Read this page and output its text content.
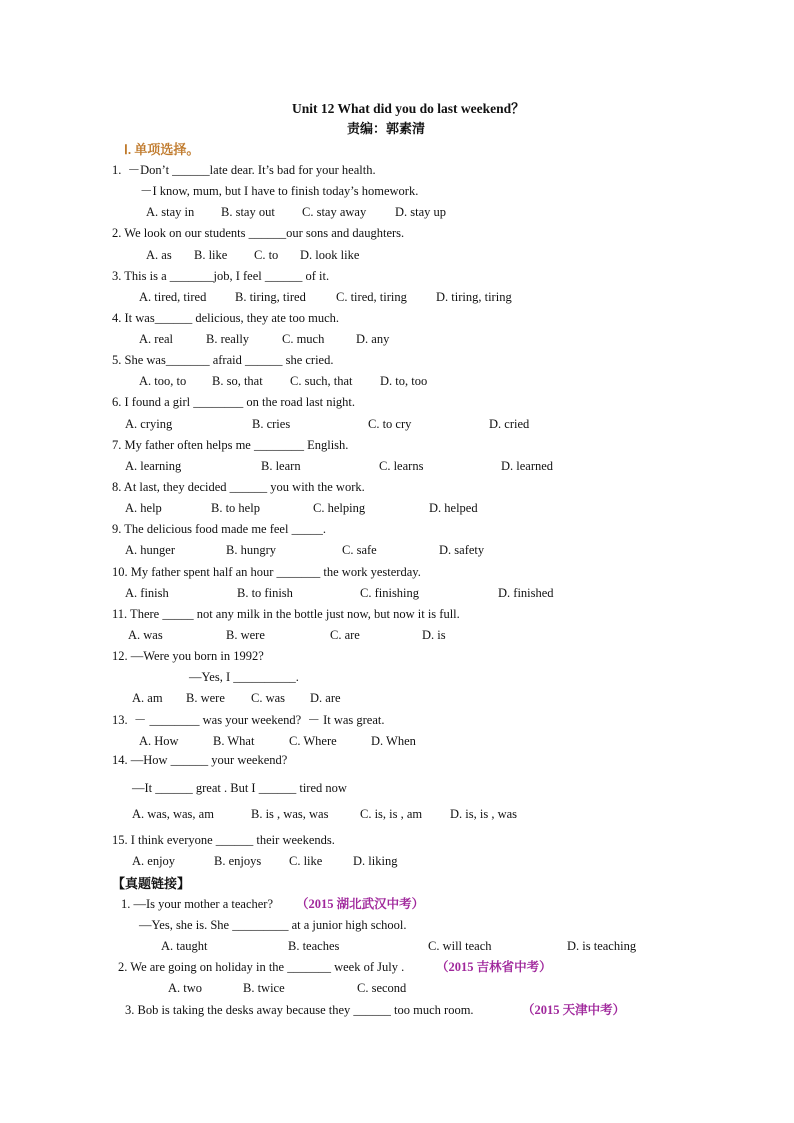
Unit 12 What did you do last weekend？
责编：郭素清
Ⅰ. 单项选择。
1.  －Don’t ______late dear. It’s bad for your health.
－I know, mum, but I have to finish today’s homework.
A. stay in B. stay out C. stay away D. stay up
2. We look on our students ______our sons and daughters.
A. as B. like C. to D. look like
3. This is a _______job, I feel ______ of it.
A. tired, tired B. tiring, tired C. tired, tiring D. tiring, tiring
4. It was______ delicious, they ate too much.
A. real	B. really	C. much	D. any
5. She was_______ afraid ______ she cried.
A. too, to B. so, that C. such, that D. to, too
6. I found a girl ________ on the road last night.
A. crying	B. cries	C. to cry	D. cried
7. My father often helps me ________ English.
A. learning	B. learn	C. learns	D. learned
8. At last, they decided ______ you with the work.
A. help	B. to help	C. helping	D. helped
9. The delicious food made me feel _____.
A. hunger	B. hungry	C. safe	D. safety
10. My father spent half an hour _______ the work yesterday.
A. finish	B. to finish	C. finishing	D. finished
11. There _____ not any milk in the bottle just now, but now it is full.
A. was	B. were	C. are	D. is
12. —Were you born in 1992?
—Yes, I __________.
A. am B. were C. was D. are
13.  － ________ was your weekend?  － It was great.
A. How	B. What	C. Where	D. When
14. —How ______ your weekend?
—It ______ great . But I ______ tired now
A. was, was, am	B. is , was, was	C. is, is , am D. is, is , was
15. I think everyone ______ their weekends.
A. enjoy	B. enjoys C. like D. liking
【真题链接】
1. —Is your mother a teacher? （2015 湖北武汉中考）
—Yes, she is. She _________ at a junior high school.
A. taught	B. teaches	C. will teach	D. is teaching
2. We are going on holiday in the _______ week of July .	（2015 吉林省中考）
A. two	B. twice	C. second
3. Bob is taking the desks away because they ______ too much room.	（2015 天津中考）
